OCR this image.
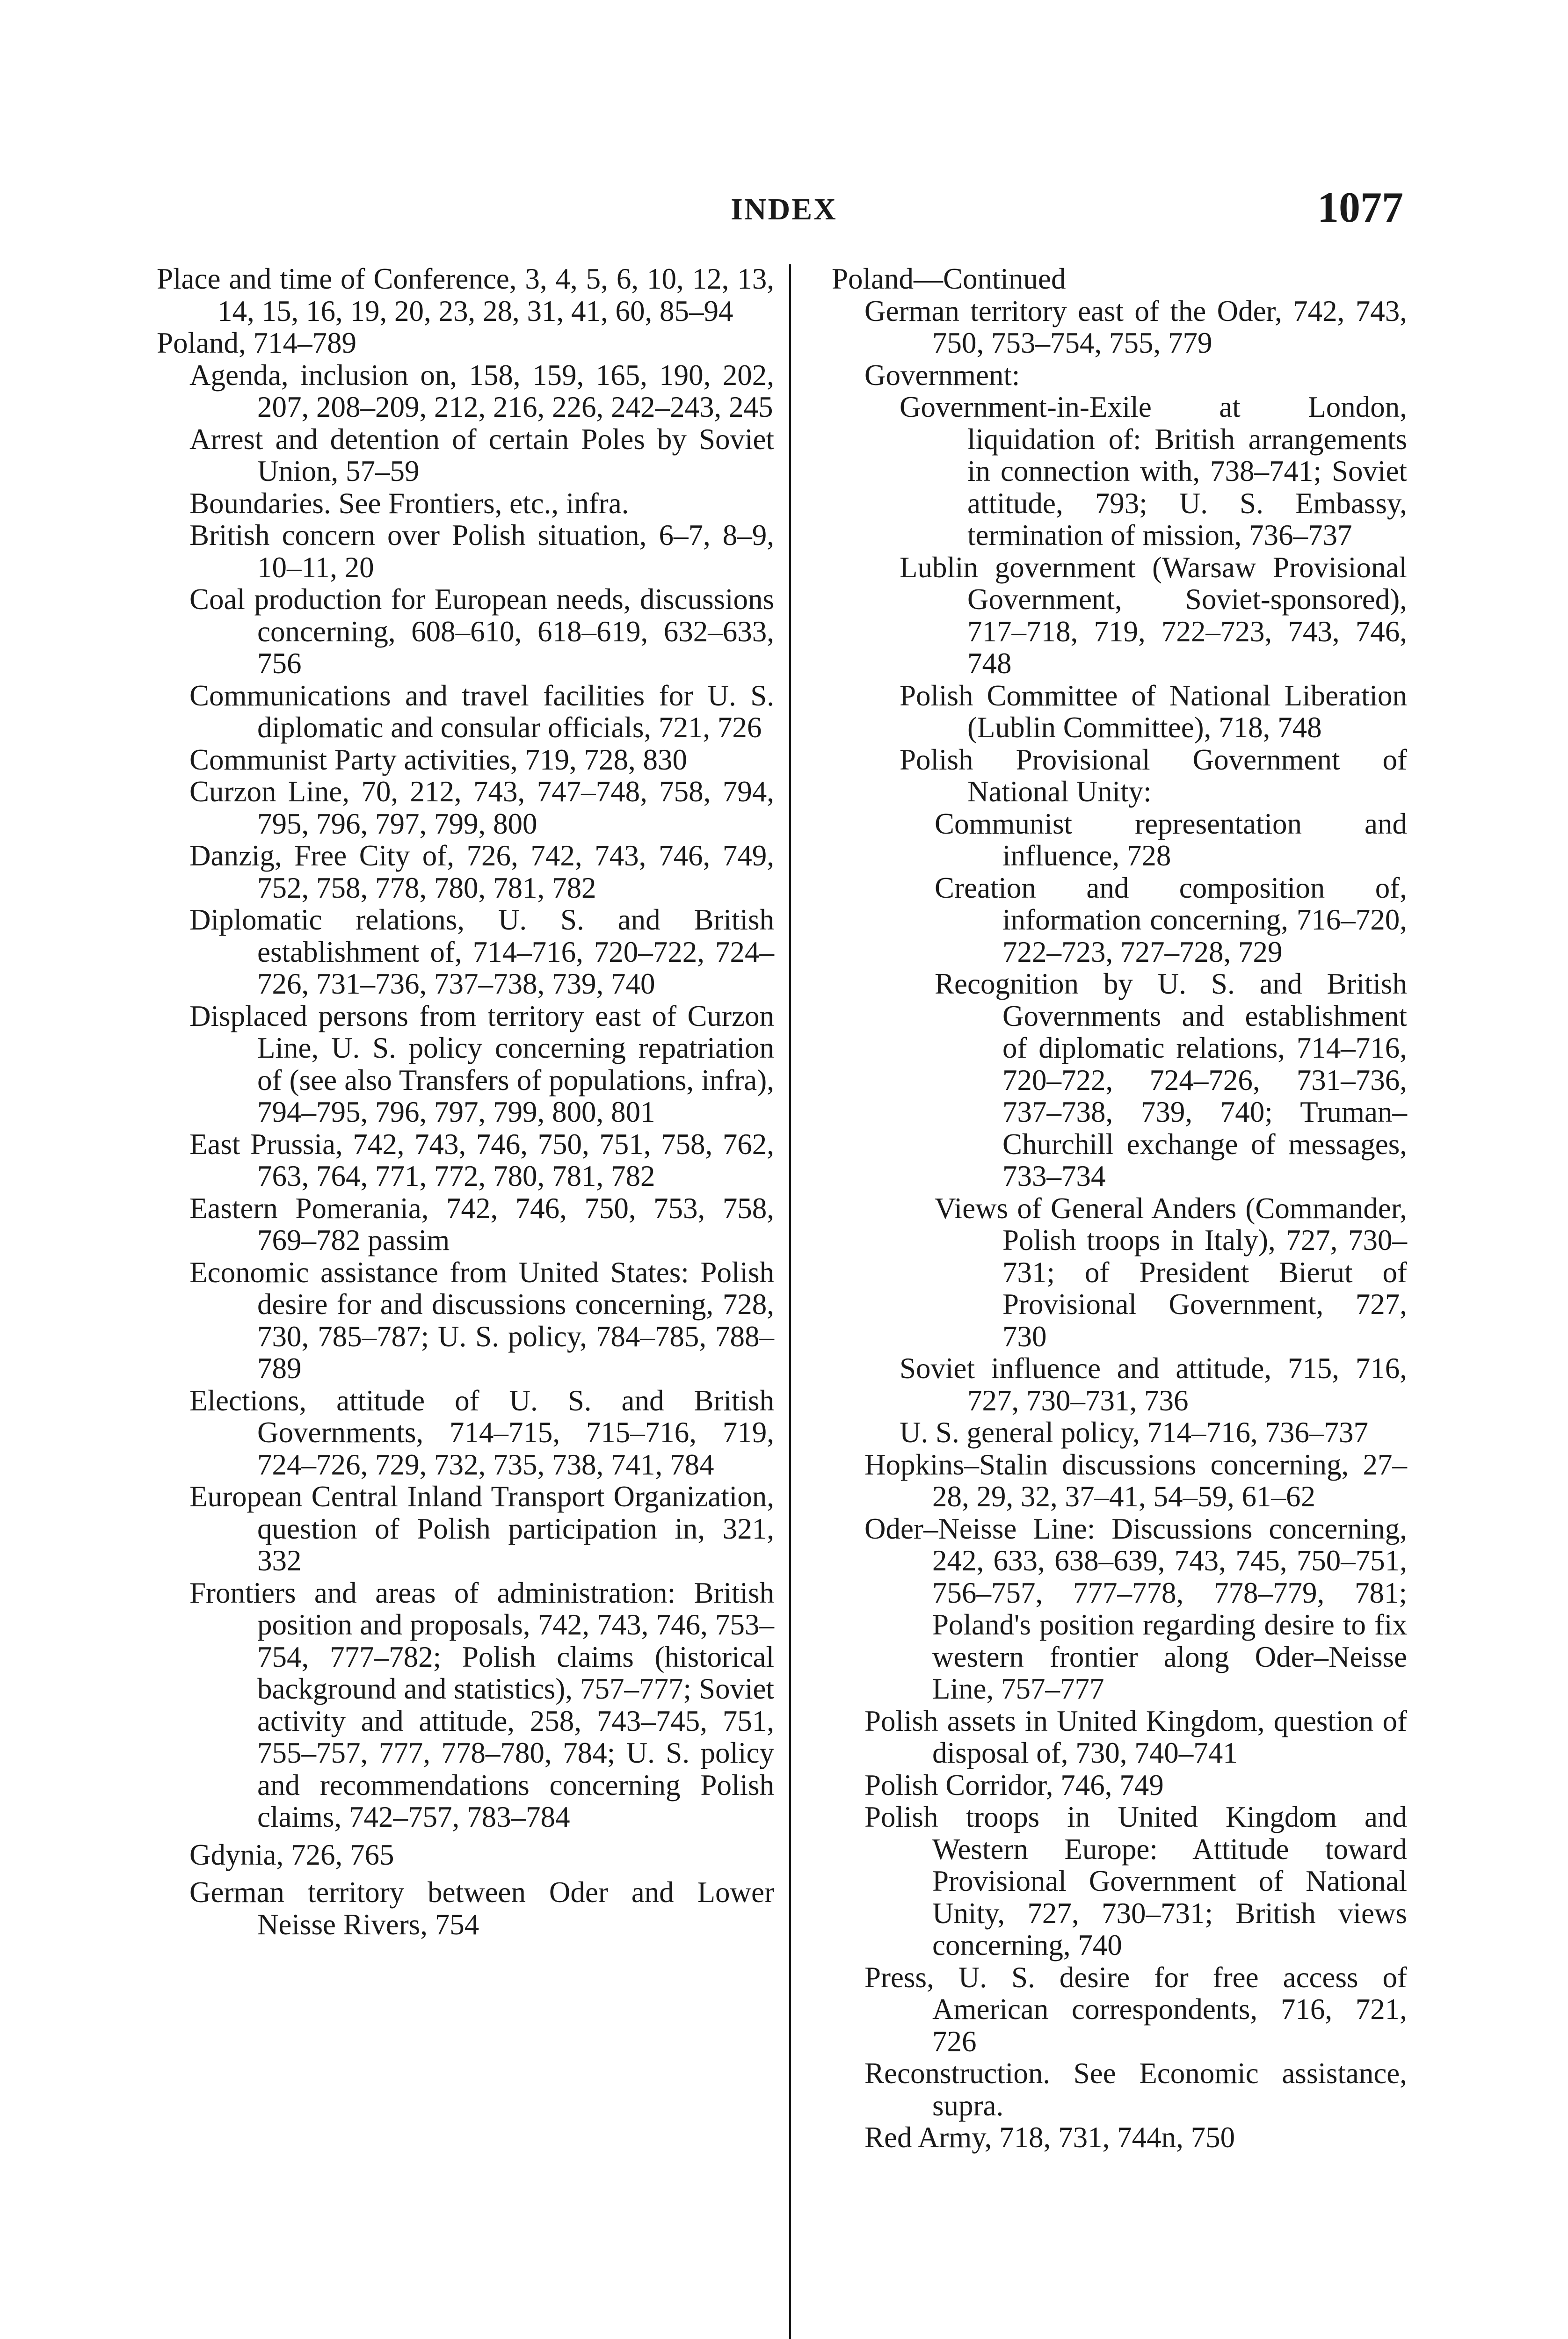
INDEX	1077

Place and time of Conference, 3, 4, 5, 6, 10, 12, 13, 14, 15, 16, 19, 20, 23, 28, 31, 41, 60, 85–94

Poland, 714–789

Agenda, inclusion on, 158, 159, 165, 190, 202, 207, 208–209, 212, 216, 226, 242–243, 245

Arrest and detention of certain Poles by Soviet Union, 57–59

Boundaries. See Frontiers, etc., infra.

British concern over Polish situation, 6–7, 8–9, 10–11, 20

Coal production for European needs, discussions concerning, 608–610, 618–619, 632–633, 756

Communications and travel facilities for U. S. diplomatic and consular officials, 721, 726

Communist Party activities, 719, 728, 830

Curzon Line, 70, 212, 743, 747–748, 758, 794, 795, 796, 797, 799, 800

Danzig, Free City of, 726, 742, 743, 746, 749, 752, 758, 778, 780, 781, 782

Diplomatic relations, U. S. and British establishment of, 714–716, 720–722, 724–726, 731–736, 737–738, 739, 740

Displaced persons from territory east of Curzon Line, U. S. policy concerning repatriation of (see also Transfers of populations, infra), 794–795, 796, 797, 799, 800, 801

East Prussia, 742, 743, 746, 750, 751, 758, 762, 763, 764, 771, 772, 780, 781, 782

Eastern Pomerania, 742, 746, 750, 753, 758, 769–782 passim

Economic assistance from United States: Polish desire for and discussions concerning, 728, 730, 785–787; U. S. policy, 784–785, 788–789

Elections, attitude of U. S. and British Governments, 714–715, 715–716, 719, 724–726, 729, 732, 735, 738, 741, 784

European Central Inland Transport Organization, question of Polish participation in, 321, 332

Frontiers and areas of administration: British position and proposals, 742, 743, 746, 753–754, 777–782; Polish claims (historical background and statistics), 757–777; Soviet activity and attitude, 258, 743–745, 751, 755–757, 777, 778–780, 784; U. S. policy and recommendations concerning Polish claims, 742–757, 783–784

Gdynia, 726, 765

German territory between Oder and Lower Neisse Rivers, 754

Poland—Continued

German territory east of the Oder, 742, 743, 750, 753–754, 755, 779

Government:

Government-in-Exile at London, liquidation of: British arrangements in connection with, 738–741; Soviet attitude, 793; U. S. Embassy, termination of mission, 736–737

Lublin government (Warsaw Provisional Government, Soviet-sponsored), 717–718, 719, 722–723, 743, 746, 748

Polish Committee of National Liberation (Lublin Committee), 718, 748

Polish Provisional Government of National Unity:

Communist representation and influence, 728

Creation and composition of, information concerning, 716–720, 722–723, 727–728, 729

Recognition by U. S. and British Governments and establishment of diplomatic relations, 714–716, 720–722, 724–726, 731–736, 737–738, 739, 740; Truman–Churchill exchange of messages, 733–734

Views of General Anders (Commander, Polish troops in Italy), 727, 730–731; of President Bierut of Provisional Government, 727, 730

Soviet influence and attitude, 715, 716, 727, 730–731, 736

U. S. general policy, 714–716, 736–737

Hopkins–Stalin discussions concerning, 27–28, 29, 32, 37–41, 54–59, 61–62

Oder–Neisse Line: Discussions concerning, 242, 633, 638–639, 743, 745, 750–751, 756–757, 777–778, 778–779, 781; Poland's position regarding desire to fix western frontier along Oder–Neisse Line, 757–777

Polish assets in United Kingdom, question of disposal of, 730, 740–741

Polish Corridor, 746, 749

Polish troops in United Kingdom and Western Europe: Attitude toward Provisional Government of National Unity, 727, 730–731; British views concerning, 740

Press, U. S. desire for free access of American correspondents, 716, 721, 726

Reconstruction. See Economic assistance, supra.

Red Army, 718, 731, 744n, 750
